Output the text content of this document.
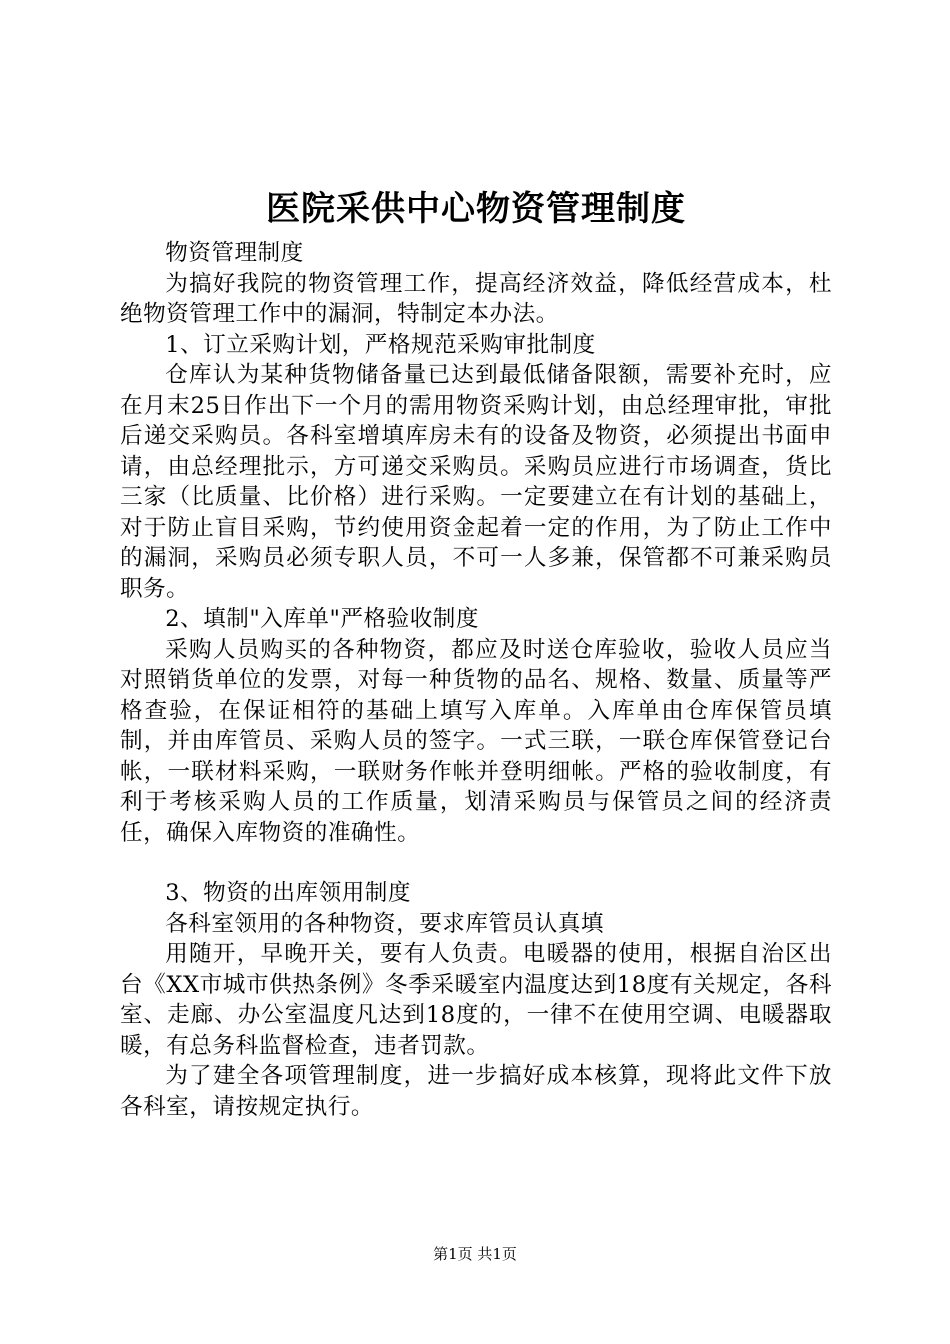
医院采供中心物资管理制度

物资管理制度

为搞好我院的物资管理工作，提高经济效益，降低经营成本，杜绝物资管理工作中的漏洞，特制定本办法。

1、订立采购计划，严格规范采购审批制度

仓库认为某种货物储备量已达到最低储备限额，需要补充时，应在月末25日作出下一个月的需用物资采购计划，由总经理审批，审批后递交采购员。各科室增填库房未有的设备及物资，必须提出书面申请，由总经理批示，方可递交采购员。采购员应进行市场调查，货比三家（比质量、比价格）进行采购。一定要建立在有计划的基础上，对于防止盲目采购，节约使用资金起着一定的作用，为了防止工作中的漏洞，采购员必须专职人员，不可一人多兼，保管都不可兼采购员职务。

2、填制"入库单"严格验收制度

采购人员购买的各种物资，都应及时送仓库验收，验收人员应当对照销货单位的发票，对每一种货物的品名、规格、数量、质量等严格查验，在保证相符的基础上填写入库单。入库单由仓库保管员填制，并由库管员、采购人员的签字。一式三联，一联仓库保管登记台帐，一联材料采购，一联财务作帐并登明细帐。严格的验收制度，有利于考核采购人员的工作质量，划清采购员与保管员之间的经济责任，确保入库物资的准确性。

3、物资的出库领用制度

各科室领用的各种物资，要求库管员认真填

用随开，早晚开关，要有人负责。电暖器的使用，根据自治区出台《XX市城市供热条例》冬季采暖室内温度达到18度有关规定，各科室、走廊、办公室温度凡达到18度的，一律不在使用空调、电暖器取暖，有总务科监督检查，违者罚款。

为了建全各项管理制度，进一步搞好成本核算，现将此文件下放各科室，请按规定执行。

第1页 共1页
